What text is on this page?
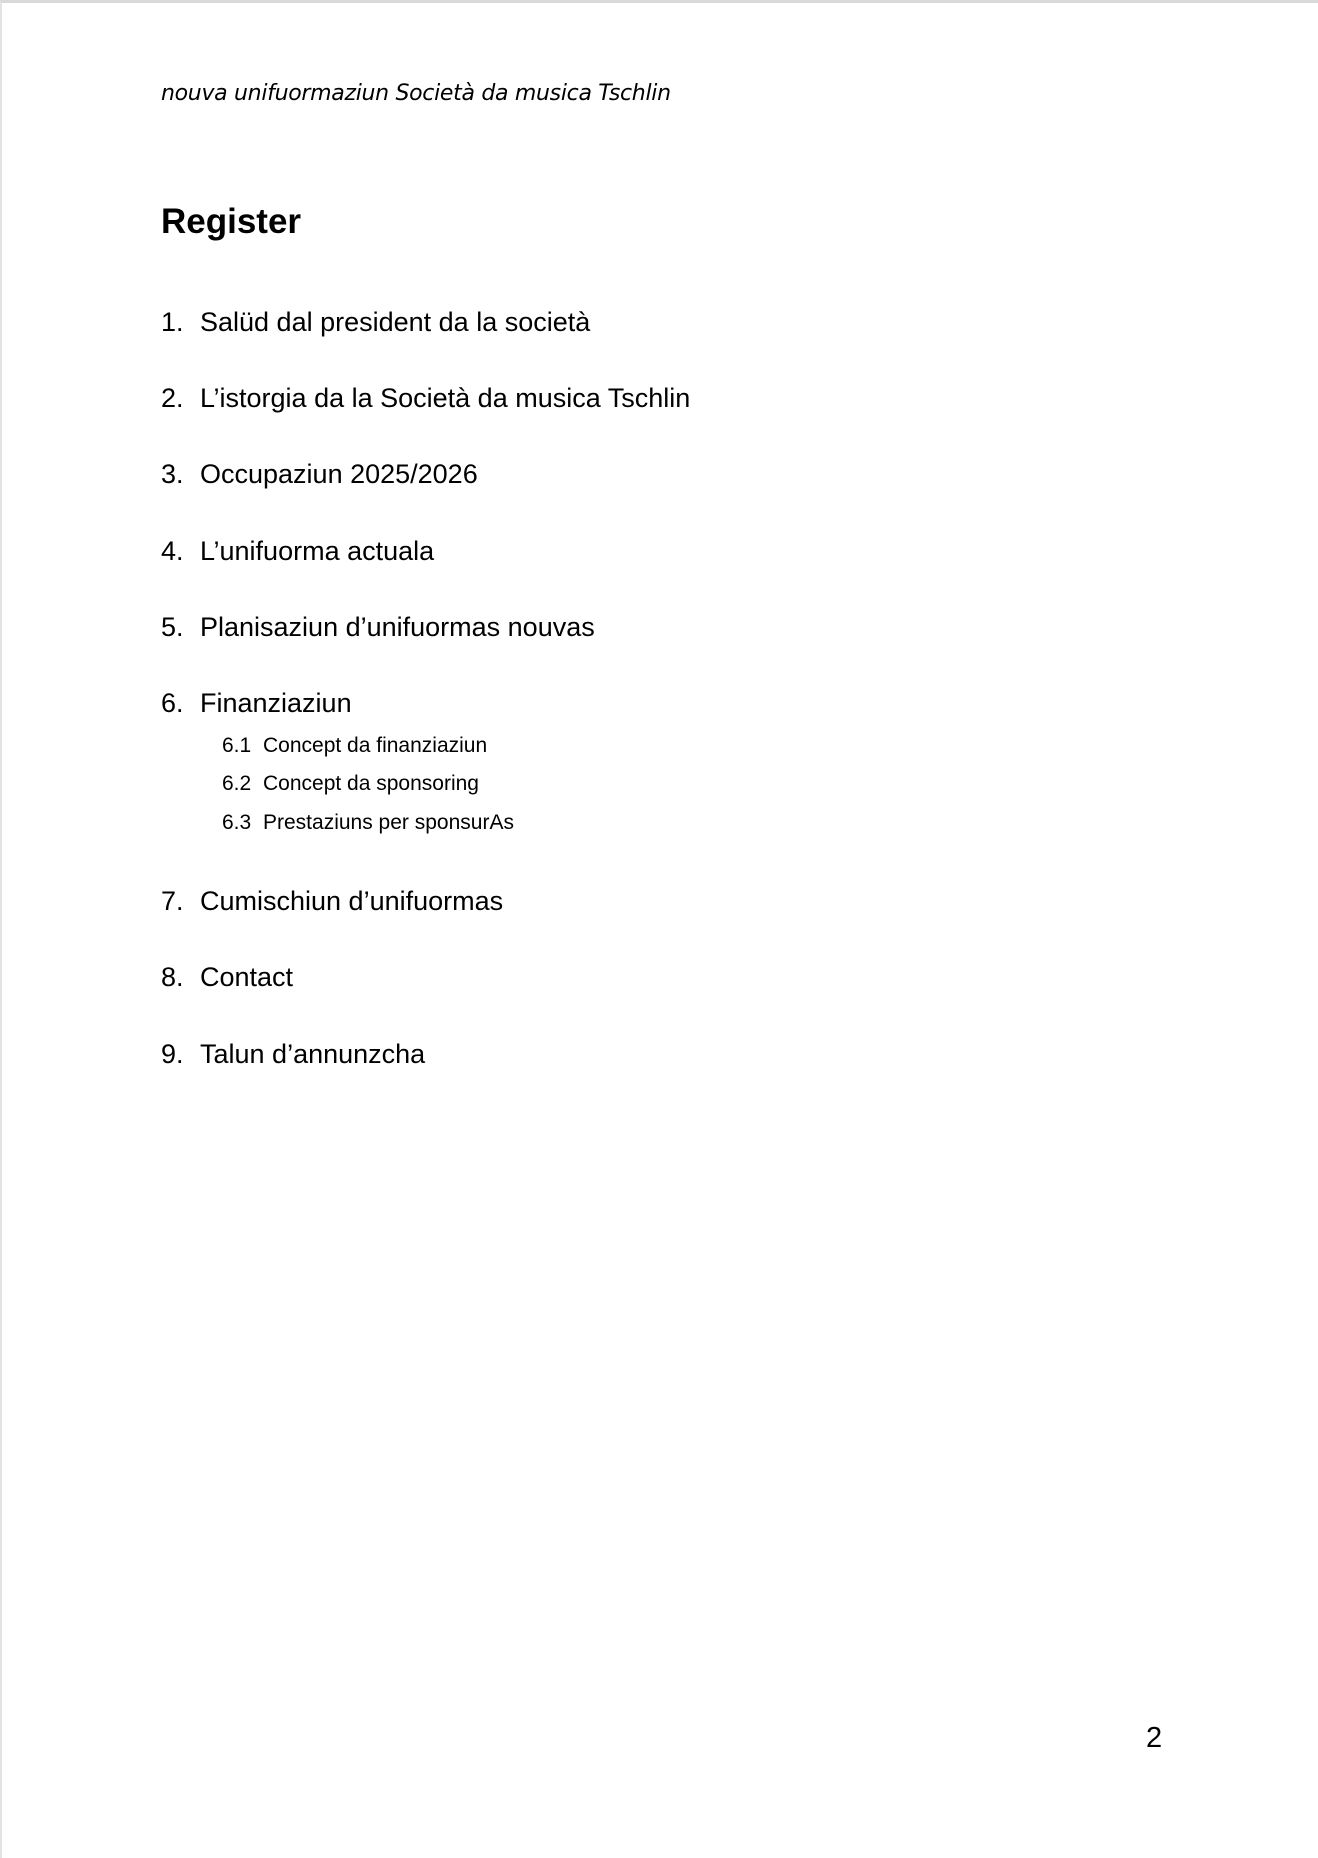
nouva unifuormaziun Società da musica Tschlin
Register
1. Salüd dal president da la società
2. L’istorgia da la Società da musica Tschlin
3. Occupaziun 2025/2026
4. L’unifuorma actuala
5. Planisaziun d’unifuormas nouvas
6. Finanziaziun
6.1 Concept da finanziaziun
6.2 Concept da sponsoring
6.3 Prestaziuns per sponsurAs
7. Cumischiun d’unifuormas
8. Contact
9. Talun d’annunzcha
2
